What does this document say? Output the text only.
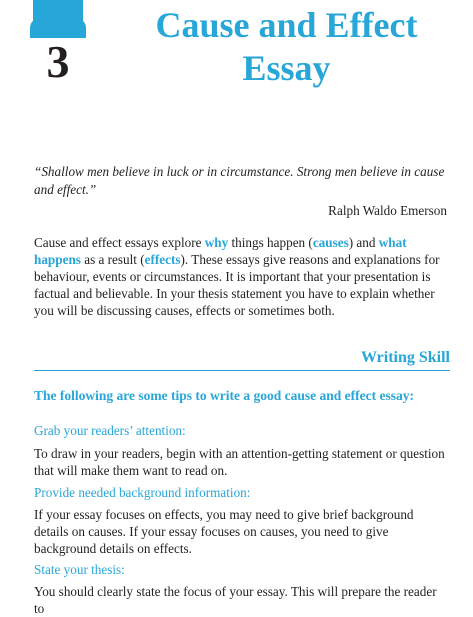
3
Cause and Effect
Essay
“Shallow men believe in luck or in circumstance. Strong men believe in cause and effect.”
Ralph Waldo Emerson
Cause and effect essays explore why things happen (causes) and what happens as a result (effects). These essays give reasons and explanations for behaviour, events or circumstances. It is important that your presentation is factual and believable. In your thesis statement you have to explain whether you will be discussing causes, effects or sometimes both.
Writing Skill
The following are some tips to write a good cause and effect essay:
Grab your readers’ attention:
To draw in your readers, begin with an attention-getting statement or question that will make them want to read on.
Provide needed background information:
If your essay focuses on effects, you may need to give brief background details on causes. If your essay focuses on causes, you need to give background details on effects.
State your thesis:
You should clearly state the focus of your essay. This will prepare the reader to
